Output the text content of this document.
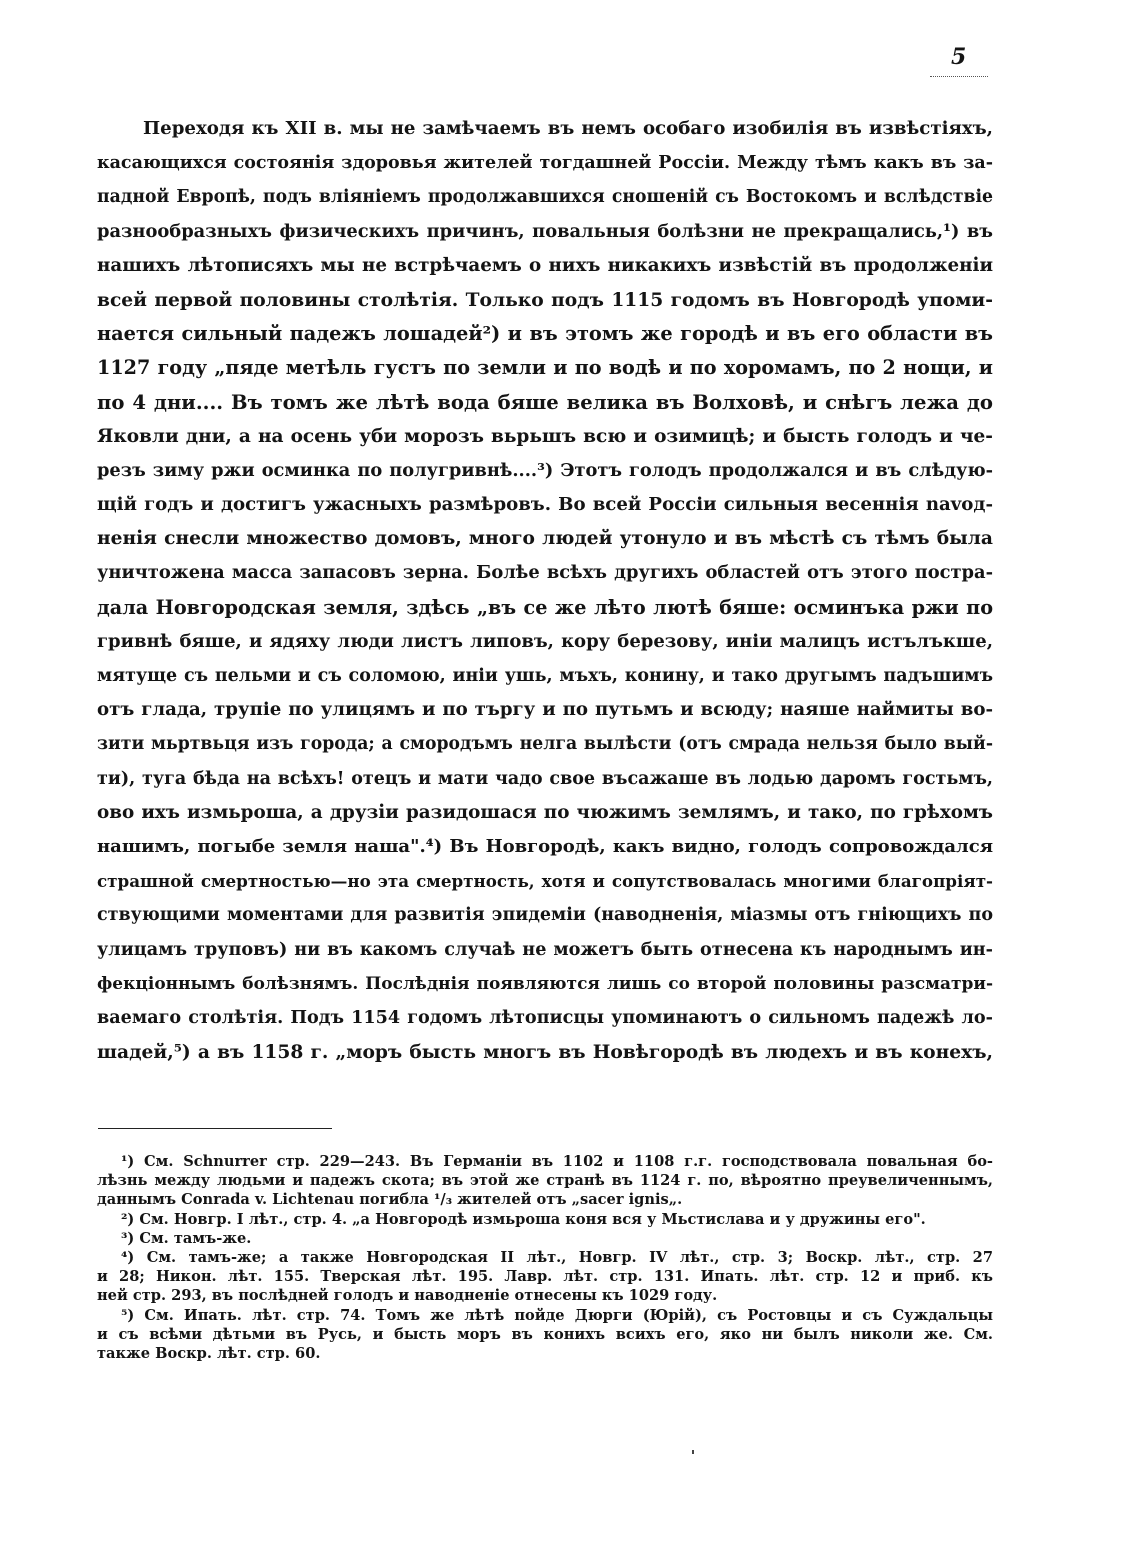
5
Переходя къ XII в. мы не замѣчаемъ въ немъ особаго изобилія въ извѣстіяхъ,
касающихся состоянія здоровья жителей тогдашней Россіи. Между тѣмъ какъ въ за-
падной Европѣ, подъ вліяніемъ продолжавшихся сношеній съ Востокомъ и вслѣдствіе
разнообразныхъ физическихъ причинъ, повальныя болѣзни не прекращались,¹) въ
нашихъ лѣтописяхъ мы не встрѣчаемъ о нихъ никакихъ извѣстій въ продолженіи
всей первой половины столѣтія. Только подъ 1115 годомъ въ Новгородѣ упоми-
нается сильный падежъ лошадей²) и въ этомъ же городѣ и въ его области въ
1127 году „пяде метѣль густъ по земли и по водѣ и по хоромамъ, по 2 нощи, и
по 4 дни.... Въ томъ же лѣтѣ вода бяше велика въ Волховѣ, и снѣгъ лежа до
Яковли дни, а на осень уби морозъ вьрьшъ всю и озимицѣ; и бысть голодъ и че-
резъ зиму ржи осминка по полугривнѣ....³) Этотъ голодъ продолжался и въ слѣдую-
щій годъ и достигъ ужасныхъ размѣровъ. Во всей Россіи сильныя весеннія navод-
ненія снесли множество домовъ, много людей утонуло и въ мѣстѣ съ тѣмъ была
уничтожена масса запасовъ зерна. Болѣе всѣхъ другихъ областей отъ этого постра-
дала Новгородская земля, здѣсь „въ се же лѣто лютѣ бяше: осминъка ржи по
гривнѣ бяше, и ядяху люди листъ липовъ, кору березову, иніи малицъ истълъкше,
мятуще съ пельми и съ соломою, иніи ушь, мъхъ, конину, и тако другымъ падъшимъ
отъ глада, трупіе по улицямъ и по търгу и по путьмъ и всюду; наяше наймиты во-
зити мьртвьця изъ города; а смородъмъ нелга вылѣсти (отъ смрада нельзя было вый-
ти), туга бѣда на всѣхъ! отецъ и мати чадо свое въсажаше въ лодью даромъ гостьмъ,
ово ихъ измьроша, а друзіи разидошася по чюжимъ землямъ, и тако, по грѣхомъ
нашимъ, погыбе земля наша".⁴) Въ Новгородѣ, какъ видно, голодъ сопровождался
страшной смертностью—но эта смертность, хотя и сопутствовалась многими благопріят-
ствующими моментами для развитія эпидеміи (наводненія, міазмы отъ гніющихъ по
улицамъ труповъ) ни въ какомъ случаѣ не можетъ быть отнесена къ народнымъ ин-
фекціоннымъ болѣзнямъ. Послѣднія появляются лишь со второй половины разсматри-
ваемаго столѣтія. Подъ 1154 годомъ лѣтописцы упоминаютъ о сильномъ падежѣ ло-
шадей,⁵) а въ 1158 г. „моръ бысть многъ въ Новѣгородѣ въ людехъ и въ конехъ,
¹) См. Schnurrer стр. 229—243. Въ Германіи въ 1102 и 1108 г.г. господствовала повальная бо-
лѣзнь между людьми и падежъ скота; въ этой же странѣ въ 1124 г. по, вѣроятно преувеличеннымъ,
даннымъ Conrada v. Lichtenau погибла ¹/₃ жителей отъ „sacer ignis„.
²) См. Новгр. I лѣт., стр. 4. „а Новгородѣ измьроша коня вся у Мьстислава и у дружины его".
³) См. тамъ-же.
⁴) См. тамъ-же; а также Новгородская II лѣт., Новгр. IV лѣт., стр. 3; Воскр. лѣт., стр. 27
и 28; Никон. лѣт. 155. Тверская лѣт. 195. Лавр. лѣт. стр. 131. Ипать. лѣт. стр. 12 и приб. къ
ней стр. 293, въ послѣдней голодъ и наводненіе отнесены къ 1029 году.
⁵) См. Ипать. лѣт. стр. 74. Томъ же лѣтѣ пойде Дюрги (Юрій), съ Ростовцы и съ Суждальцы
и съ всѣми дѣтьми въ Русь, и бысть моръ въ конихъ всихъ его, яко ни былъ николи же. См.
также Воскр. лѣт. стр. 60.
